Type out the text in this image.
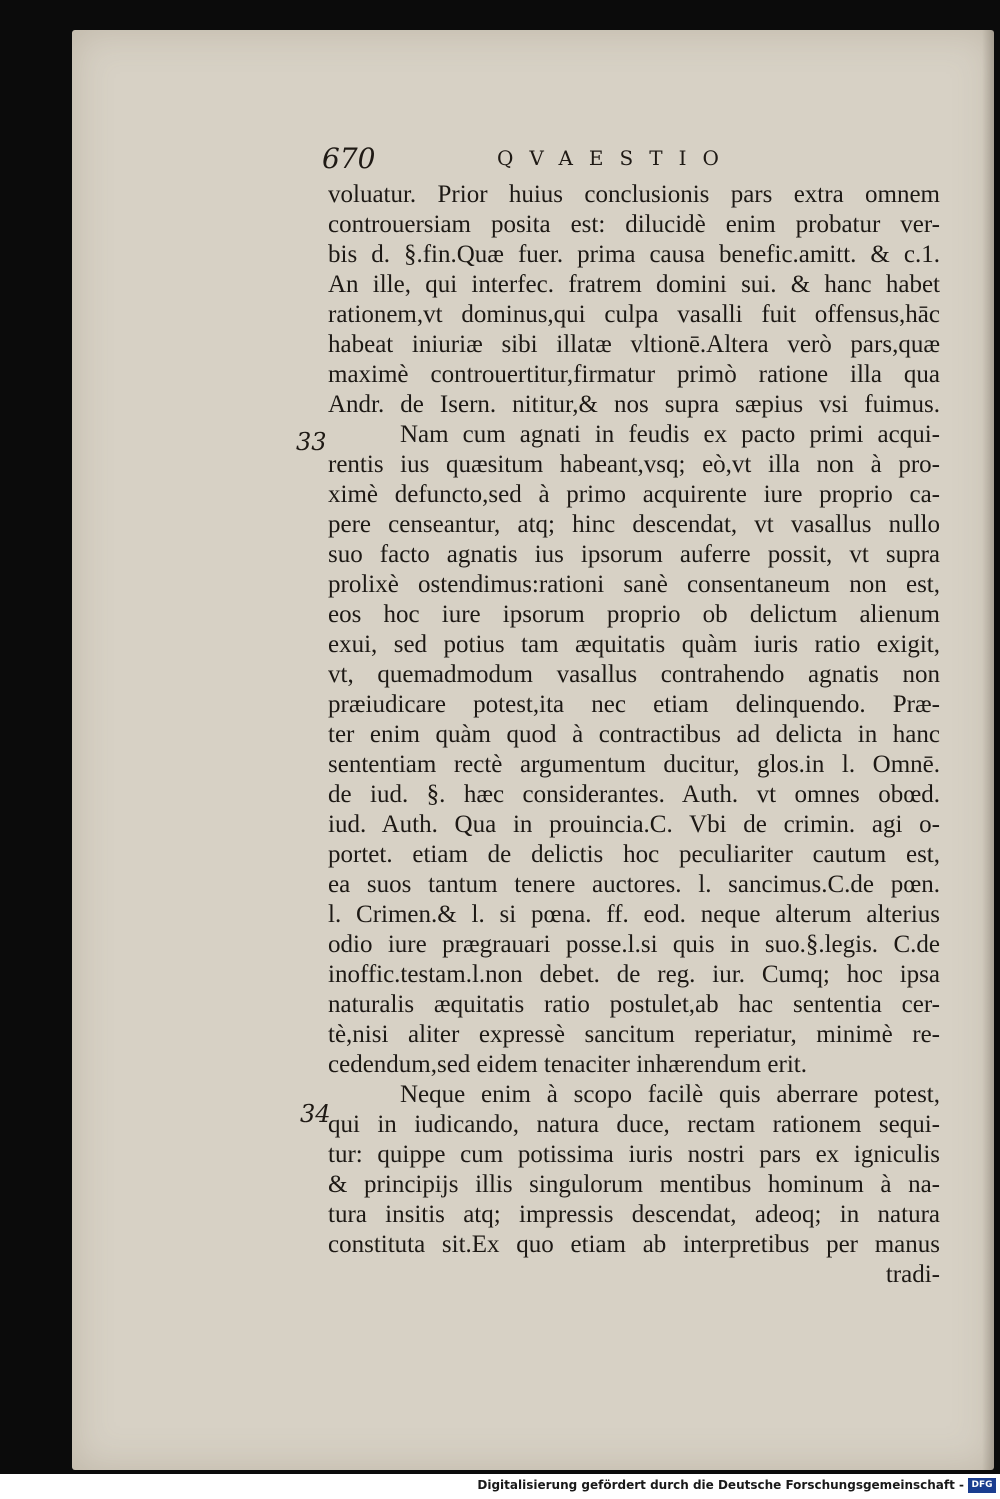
670	QVAESTIO
33
34
voluatur. Prior huius conclusionis pars extra omnem
controuersiam posita est: dilucidè enim probatur ver-
bis d. §.fin.Quæ fuer. prima causa benefic.amitt. & c.1.
An ille, qui interfec. fratrem domini sui. & hanc habet
rationem,vt dominus,qui culpa vasalli fuit offensus,hāc
habeat iniuriæ sibi illatæ vltionē.Altera verò pars,quæ
maximè controuertitur,firmatur primò ratione illa qua
Andr. de Isern. nititur,& nos supra sæpius vsi fuimus.
Nam cum agnati in feudis ex pacto primi acqui-
rentis ius quæsitum habeant,vsq; eò,vt illa non à pro-
ximè defuncto,sed à primo acquirente iure proprio ca-
pere censeantur, atq; hinc descendat, vt vasallus nullo
suo facto agnatis ius ipsorum auferre possit, vt supra
prolixè ostendimus:rationi sanè consentaneum non est,
eos hoc iure ipsorum proprio ob delictum alienum
exui, sed potius tam æquitatis quàm iuris ratio exigit,
vt, quemadmodum vasallus contrahendo agnatis non
præiudicare potest,ita nec etiam delinquendo. Præ-
ter enim quàm quod à contractibus ad delicta in hanc
sententiam rectè argumentum ducitur, glos.in l. Omnē.
de iud. §. hæc considerantes. Auth. vt omnes obœd.
iud. Auth. Qua in prouincia.C. Vbi de crimin. agi o-
portet. etiam de delictis hoc peculiariter cautum est,
ea suos tantum tenere auctores. l. sancimus.C.de pœn.
l. Crimen.& l. si pœna. ff. eod. neque alterum alterius
odio iure prægrauari posse.l.si quis in suo.§.legis. C.de
inoffic.testam.l.non debet. de reg. iur. Cumq; hoc ipsa
naturalis æquitatis ratio postulet,ab hac sententia cer-
tè,nisi aliter expressè sancitum reperiatur, minimè re-
cedendum,sed eidem tenaciter inhærendum erit.
Neque enim à scopo facilè quis aberrare potest,
qui in iudicando, natura duce, rectam rationem sequi-
tur: quippe cum potissima iuris nostri pars ex igniculis
& principijs illis singulorum mentibus hominum à na-
tura insitis atq; impressis descendat, adeoq; in natura
constituta sit.Ex quo etiam ab interpretibus per manus
tradi-
Digitalisierung gefördert durch die Deutsche Forschungsgemeinschaft - DFG
